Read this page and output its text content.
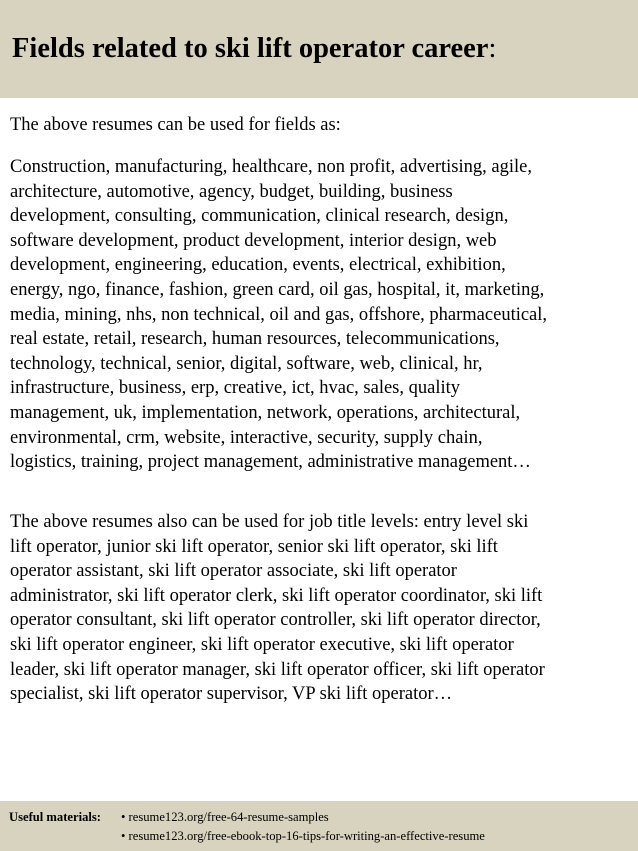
Fields related to ski lift operator career:

The above resumes can be used for fields as:

Construction, manufacturing, healthcare, non profit, advertising, agile,
architecture, automotive, agency, budget, building, business
development, consulting, communication, clinical research, design,
software development, product development, interior design, web
development, engineering, education, events, electrical, exhibition,
energy, ngo, finance, fashion, green card, oil gas, hospital, it, marketing,
media, mining, nhs, non technical, oil and gas, offshore, pharmaceutical,
real estate, retail, research, human resources, telecommunications,
technology, technical, senior, digital, software, web, clinical, hr,
infrastructure, business, erp, creative, ict, hvac, sales, quality
management, uk, implementation, network, operations, architectural,
environmental, crm, website, interactive, security, supply chain,
logistics, training, project management, administrative management…
The above resumes also can be used for job title levels: entry level ski
lift operator, junior ski lift operator, senior ski lift operator, ski lift
operator assistant, ski lift operator associate, ski lift operator
administrator, ski lift operator clerk, ski lift operator coordinator, ski lift
operator consultant, ski lift operator controller, ski lift operator director,
ski lift operator engineer, ski lift operator executive, ski lift operator
leader, ski lift operator manager, ski lift operator officer, ski lift operator
specialist, ski lift operator supervisor, VP ski lift operator…
Useful materials: • resume123.org/free-64-resume-samples
• resume123.org/free-ebook-top-16-tips-for-writing-an-effective-resume
